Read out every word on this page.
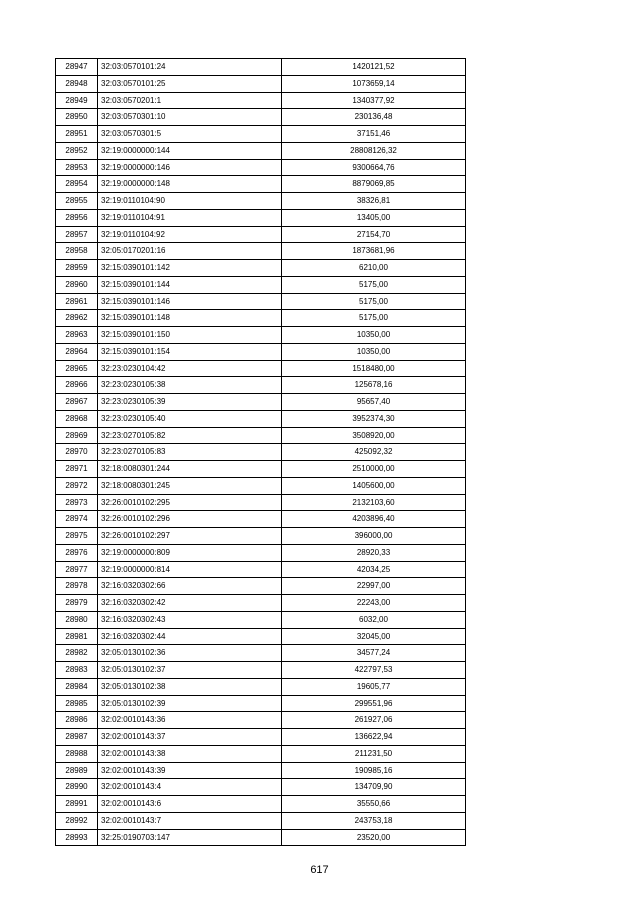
28947	32:03:0570101:24	1420121,52
28948	32:03:0570101:25	1073659,14
28949	32:03:0570201:1	1340377,92
28950	32:03:0570301:10	230136,48
28951	32:03:0570301:5	37151,46
28952	32:19:0000000:144	28808126,32
28953	32:19:0000000:146	9300664,76
28954	32:19:0000000:148	8879069,85
28955	32:19:0110104:90	38326,81
28956	32:19:0110104:91	13405,00
28957	32:19:0110104:92	27154,70
28958	32:05:0170201:16	1873681,96
28959	32:15:0390101:142	6210,00
28960	32:15:0390101:144	5175,00
28961	32:15:0390101:146	5175,00
28962	32:15:0390101:148	5175,00
28963	32:15:0390101:150	10350,00
28964	32:15:0390101:154	10350,00
28965	32:23:0230104:42	1518480,00
28966	32:23:0230105:38	125678,16
28967	32:23:0230105:39	95657,40
28968	32:23:0230105:40	3952374,30
28969	32:23:0270105:82	3508920,00
28970	32:23:0270105:83	425092,32
28971	32:18:0080301:244	2510000,00
28972	32:18:0080301:245	1405600,00
28973	32:26:0010102:295	2132103,60
28974	32:26:0010102:296	4203896,40
28975	32:26:0010102:297	396000,00
28976	32:19:0000000:809	28920,33
28977	32:19:0000000:814	42034,25
28978	32:16:0320302:66	22997,00
28979	32:16:0320302:42	22243,00
28980	32:16:0320302:43	6032,00
28981	32:16:0320302:44	32045,00
28982	32:05:0130102:36	34577,24
28983	32:05:0130102:37	422797,53
28984	32:05:0130102:38	19605,77
28985	32:05:0130102:39	299551,96
28986	32:02:0010143:36	261927,06
28987	32:02:0010143:37	136622,94
28988	32:02:0010143:38	211231,50
28989	32:02:0010143:39	190985,16
28990	32:02:0010143:4	134709,90
28991	32:02:0010143:6	35550,66
28992	32:02:0010143:7	243753,18
28993	32:25:0190703:147	23520,00
617
